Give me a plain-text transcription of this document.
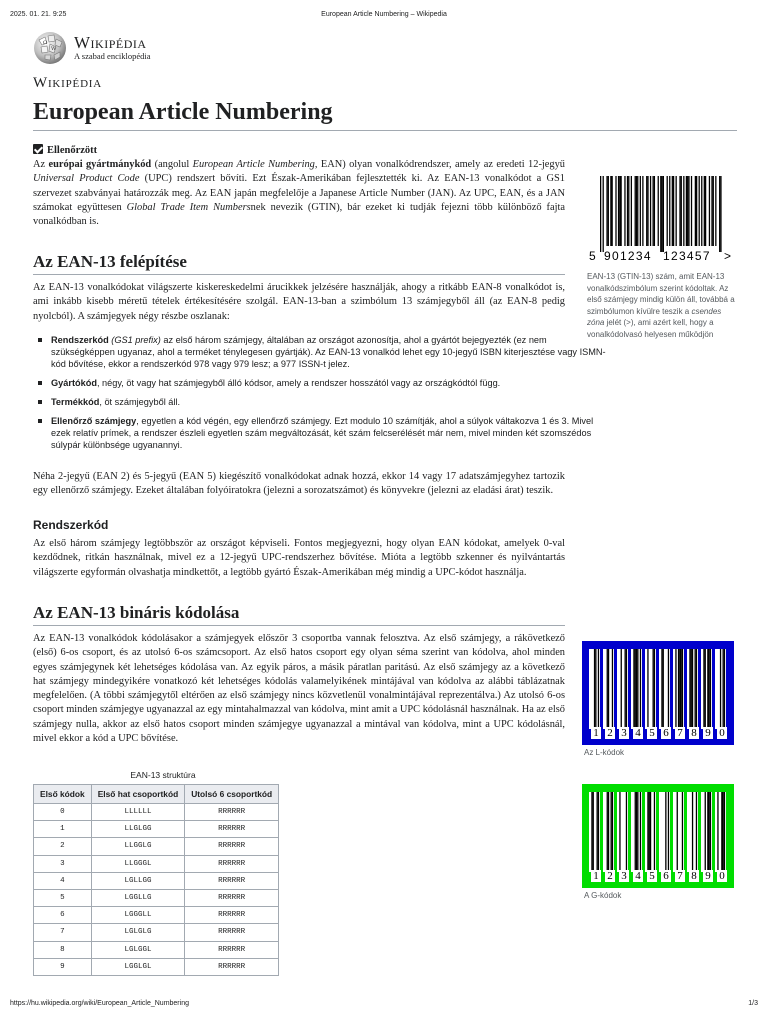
2025. 01. 21. 9:25	European Article Numbering – Wikipedia
Ω
W Wikipédia
A szabad enciklopédia
Wikipédia
European Article Numbering
Ellenőrzött

Az európai gyártmánykód (angolul European Article Numbering, EAN) olyan vonalkódrendszer, amely az eredeti 12-jegyű Universal Product Code (UPC) rendszert bővíti. Ezt Észak-Amerikában fejlesztették ki. Az EAN-13 vonalkódot a GS1 szervezet szabványai határozzák meg. Az EAN japán megfelelője a Japanese Article Number (JAN). Az UPC, EAN, és a JAN számokat együttesen Global Trade Item Numbersnek nevezik (GTIN), bár ezeket ki tudják fejezni több különböző fajta vonalkódban is.

5 901234 123457 >
EAN-13 (GTIN-13) szám, amit EAN-13 vonalkódszimbólum szerint kódoltak. Az első számjegy mindig külön áll, továbbá a szimbólumon kívülre teszik a csendes zóna jelét (>), ami azért kell, hogy a vonalkódolvasó helyesen működjön
Az EAN-13 felépítése

Az EAN-13 vonalkódokat világszerte kiskereskedelmi árucikkek jelzésére használják, ahogy a ritkább EAN-8 vonalkódot is, ami inkább kisebb méretű tételek értékesítésére szolgál. EAN-13-ban a szimbólum 13 számjegyből áll (az EAN-8 pedig nyolcból). A számjegyek négy részbe oszlanak:

Rendszerkód (GS1 prefix) az első három számjegy, általában az országot azonosítja, ahol a gyártót bejegyezték (ez nem szükségképpen ugyanaz, ahol a terméket ténylegesen gyártják). Az EAN-13 vonalkód lehet egy 10-jegyű ISBN kiterjesztése vagy ISMN-kód bővítése, ekkor a rendszerkód 978 vagy 979 lesz; a 977 ISSN-t jelez.
Gyártókód, négy, öt vagy hat számjegyből álló kódsor, amely a rendszer hosszától vagy az országkódtól függ.
Termékkód, öt számjegyből áll.
Ellenőrző számjegy, egyetlen a kód végén, egy ellenőrző számjegy. Ezt modulo 10 számítják, ahol a súlyok váltakozva 1 és 3. Mivel ezek relatív prímek, a rendszer észleli egyetlen szám megváltozását, két szám felcserélését már nem, mivel minden két szomszédos súlypár különbsége ugyanannyi.

Néha 2-jegyű (EAN 2) és 5-jegyű (EAN 5) kiegészítő vonalkódokat adnak hozzá, ekkor 14 vagy 17 adatszámjegyhez tartozik egy ellenőrző számjegy. Ezeket általában folyóiratokra (jelezni a sorozatszámot) és könyvekre (jelezni az eladási árat) teszik.

Rendszerkód

Az első három számjegy legtöbbször az országot képviseli. Fontos megjegyezni, hogy olyan EAN kódokat, amelyek 0-val kezdődnek, ritkán használnak, mivel ez a 12-jegyű UPC-rendszerhez bővítése. Mióta a legtöbb szkenner és nyilvántartás világszerte egyformán olvashatja mindkettőt, a legtöbb gyártó Észak-Amerikában még mindig a UPC-kódot használja.

Az EAN-13 bináris kódolása

Az EAN-13 vonalkódok kódolásakor a számjegyek először 3 csoportba vannak felosztva. Az első számjegy, a rákövetkező (első) 6-os csoport, és az utolsó 6-os számcsoport. Az első hatos csoport egy olyan séma szerint van kódolva, ahol minden egyes számjegynek két lehetséges kódolása van. Az egyik páros, a másik páratlan paritású. Az első számjegy az a következő hat számjegy mindegyikére vonatkozó két lehetséges kódolás valamelyikének mintájával van kódolva az alábbi táblázatnak megfelelően. (A többi számjegytől eltérően az első számjegy nincs közvetlenül vonalmintájával reprezentálva.) Az utolsó 6-os csoport minden számjegye ugyanazzal az egy mintahalmazzal van kódolva, mint amit a UPC kódolásnál használnak. Ha az első számjegy nulla, akkor az első hatos csoport minden számjegye ugyanazzal a mintával van kódolva, mint a UPC kódolásnál, mivel ekkor a kód a UPC bővítése.	1 2 3 4 5 6 7 8 9 0
Az L-kódok
1 2 3 4 5 6 7 8 9 0
A G-kódok
EAN-13 struktúra
Első kódok	Első hat csoportkód	Utolsó 6 csoportkód
0	LLLLLL	RRRRRR
1	LLGLGG	RRRRRR
2	LLGGLG	RRRRRR
3	LLGGGL	RRRRRR
4	LGLLGG	RRRRRR
5	LGGLLG	RRRRRR
6	LGGGLL	RRRRRR
7	LGLGLG	RRRRRR
8	LGLGGL	RRRRRR
9	LGGLGL	RRRRRR
https://hu.wikipedia.org/wiki/European_Article_Numbering	1/3
